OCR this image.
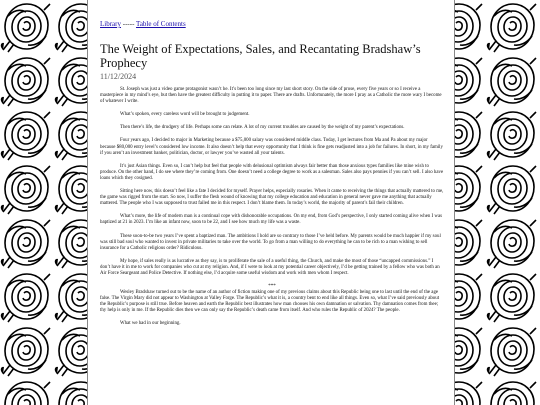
Library ----- Table of Contents
The Weight of Expectations, Sales, and Recantating Bradshaw’s Prophecy
11/12/2024

St. Joseph was just a video game protagonist wasn’t he. It’s been too long since my last short story. On the side of prose, every five years or so I receive a masterpiece in my mind’s eye, but then have the greatest difficulty in putting it to paper. There are drafts. Unfortunately, the more I pray as a Catholic the more wary I become of whatever I write.

What’s spoken, every careless word will be brought to judgement.

Then there’s life, the drudgery of life. Perhaps some can relate. A lot of my current troubles are caused by the weight of my parent’s expectations.

Four years ago, I decided to major in Marketing because a $75,000 salary was considered middle class. Today, I get lectures from Ma and Pa about my major because $80,000 entry level’s considered low income. It also doesn’t help that every opportunity that I think is fine gets readjusted into a job for failures. In short, in my family if you aren’t an investment banker, politician, doctor, or lawyer you’ve wasted all your talents.

It’s just Asian things. Even so, I can’t help but feel that people with delusional optimism always fair better than those anxious types families like mine wish to produce. On the other hand, I do see where they’re coming from. One doesn’t need a college degree to work as a salesman. Sales also pays pennies if you can’t sell. I also have loans which they cosigned.

Sitting here now, this doesn’t feel like a fate I decided for myself. Prayer helps, especially rosaries. When it came to receiving the things that actually mattered to me, the game was rigged from the start. So now, I suffer the flesh wound of knowing that my college education and education in general never gave me anything that actually mattered. The people who I was supposed to trust failed me in this respect. I don’t blame them. In today’s world, the majority of parent’s fail their children.

What’s more, the life of modern man is a continual cope with dishonorable occupations. On my end, from God’s perspective, I only started coming alive when I was baptized at 21 in 2023. I’m like an infant now, soon to be 22, and I see how much my life was a waste.

These soon-to-be two years I’ve spent a baptized man. The ambitions I hold are so contrary to those I’ve held before. My parents would be much happier if my soul was still bad soul who wanted to invest in private militaries to take over the world. To go from a man willing to do everything he can to be rich to a man wishing to sell insurance for a Catholic religious order? Ridiculous.

My hope, if sales really is as lucrative as they say, is to proliferate the sale of a useful thing, the Church, and make the most of those “uncapped commissions.” I don’t have it in me to work for companies who cut at my religion. And, if I were to look at my potential career objectively, I’d be getting trained by a fellow who was both an Air Force Seargeant and Police Detective. If nothing else, I’d acquire some useful wisdom and work with men whom I respect.

***

Wesley Bradshaw turned out to be the name of an author of fiction making one of my previous claims about this Republic being one to last until the end of the age false. The Virgin Mary did not appear to Washington at Valley Forge. The Republic’s what it is, a country bent to end like all things. Even so, what I’ve said previously about the Republic’s purpose is still true. Before heaven and earth the Republic best illustrates how man chooses his own damnation or salvation. Thy damnation comes from thee; thy help is only in me. If the Republic dies then we can only say the Republic’s death came from itself. And who rules the Republic of 2024? The people.

What we had in our beginning.
